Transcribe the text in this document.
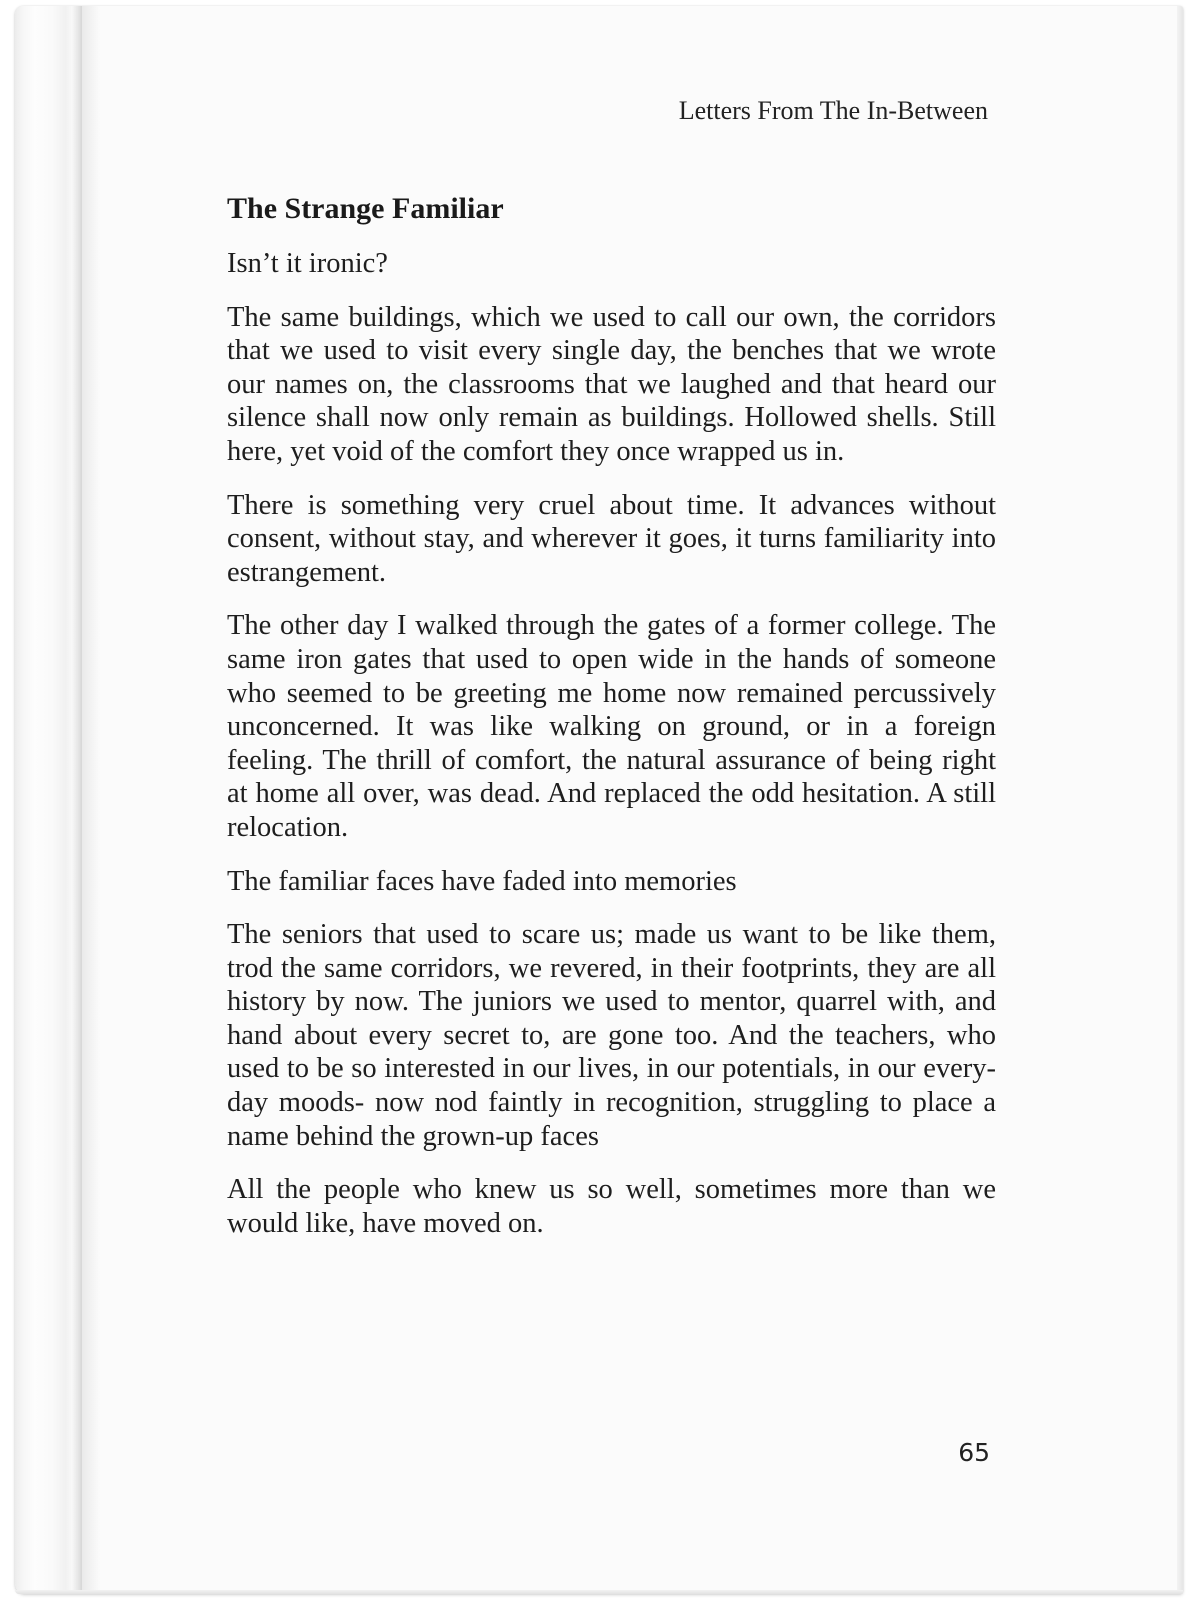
Letters From The In-Between
The Strange Familiar

Isn’t it ironic?

The same buildings, which we used to call our own, the corridors that we used to visit every single day, the benches that we wrote our names on, the classrooms that we laughed and that heard our silence shall now only remain as buildings. Hollowed shells. Still here, yet void of the comfort they once wrapped us in.

There is something very cruel about time. It advances without consent, without stay, and wherever it goes, it turns familiarity into estrangement.

The other day I walked through the gates of a former college. The same iron gates that used to open wide in the hands of someone who seemed to be greeting me home now remained percussively unconcerned. It was like walking on ground, or in a foreign feeling. The thrill of comfort, the natural assurance of being right at home all over, was dead. And replaced the odd hesitation. A still relocation.

The familiar faces have faded into memories

The seniors that used to scare us; made us want to be like them, trod the same corridors, we revered, in their footprints, they are all history by now. The juniors we used to mentor, quarrel with, and hand about every secret to, are gone too. And the teachers, who used to be so interested in our lives, in our potentials, in our every-day moods- now nod faintly in recognition, struggling to place a name behind the grown-up faces

All the people who knew us so well, sometimes more than we would like, have moved on.

65
